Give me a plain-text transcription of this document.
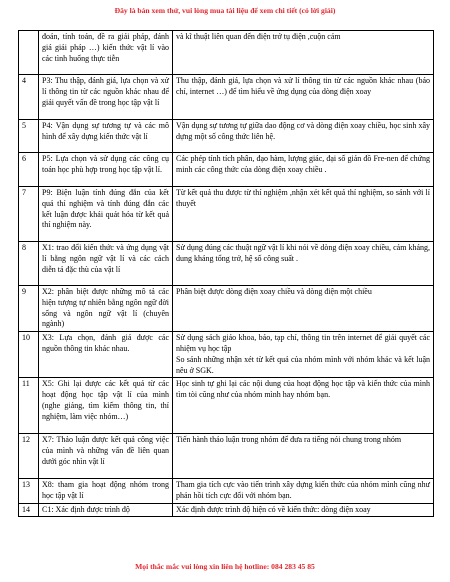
Đây là bản xem thử, vui lòng mua tài liệu để xem chi tiết (có lời giải)
	đoán, tính toán, đề ra giải pháp, đánh giá giải pháp …) kiến thức vật lí vào các tình huống thực tiễn	và kĩ thuật liên quan đến điện trở tụ điện ,cuộn cảm
4	P3: Thu thập, đánh giá, lựa chọn và xử lí thông tin từ các nguồn khác nhau để giải quyết vấn đề trong học tập vật lí	Thu thập, đánh giá, lựa chọn và xử lí thông tin từ các nguồn khác nhau (báo chí, internet …) để tìm hiểu về ứng dụng của dòng điện xoay
5	P4: Vận dụng sự tương tự và các mô hình để xây dựng kiến thức vật lí	Vận dụng sự tương tự giữa dao động cơ và dòng điện xoay chiều, học sinh xây dựng một số công thức liên hệ.
6	P5: Lựa chọn và sử dụng các công cụ toán học phù hợp trong học tập vật lí.	Các phép tính tích phân, đạo hàm, lượng giác, đại số giản đồ Fre-nen để chứng minh các công thức của dòng điện xoay chiều .
7	P9: Biện luận tính đúng đắn của kết quả thí nghiệm và tính đúng đắn các kết luận được khái quát hóa từ kết quả thí nghiệm này.	Từ kết quả thu được từ thí nghiệm ,nhận xét kết quả thí nghiệm, so sánh với lí thuyết
8	X1: trao đổi kiến thức và ứng dụng vật lí bằng ngôn ngữ vật lí và các cách diễn tả đặc thù của vật lí	Sử dụng đúng các thuật ngữ vật lí khi nói về dòng điện xoay chiều, cảm kháng, dung kháng tổng trở, hệ số công suất .
9	X2: phân biệt được những mô tả các hiện tượng tự nhiên bằng ngôn ngữ đời sống và ngôn ngữ vật lí (chuyên ngành)	Phân biệt được dòng điện xoay chiều và dòng điện một chiều
10	X3: Lựa chọn, đánh giá được các nguồn thông tin khác nhau.	Sử dụng sách giáo khoa, báo, tạp chí, thông tin trên internet để giải quyết các nhiệm vụ học tập
So sánh những nhận xét từ kết quả của nhóm mình với nhóm khác và kết luận nêu ở SGK.
11	X5: Ghi lại được các kết quả từ các hoạt động học tập vật lí của mình (nghe giảng, tìm kiếm thông tin, thí nghiệm, làm việc nhóm…)	Học sinh tự ghi lại các nội dung của hoạt động học tập và kiến thức của mình tìm tòi cũng như của nhóm mình hay nhóm bạn.
12	X7: Thảo luận được kết quả công việc của mình và những vấn đề liên quan dưới góc nhìn vật lí	Tiến hành thảo luận trong nhóm để đưa ra tiếng nói chung trong nhóm
13	X8: tham gia hoạt động nhóm trong học tập vật lí	Tham gia tích cực vào tiến trình xây dựng kiến thức của nhóm mình cũng như phản hồi tích cực đối với nhóm bạn.

14	C1: Xác định được trình độ	Xác định được trình độ hiện có về kiến thức: dòng điện xoay
Mọi thắc mắc vui lòng xin liên hệ hotline: 084 283 45 85
